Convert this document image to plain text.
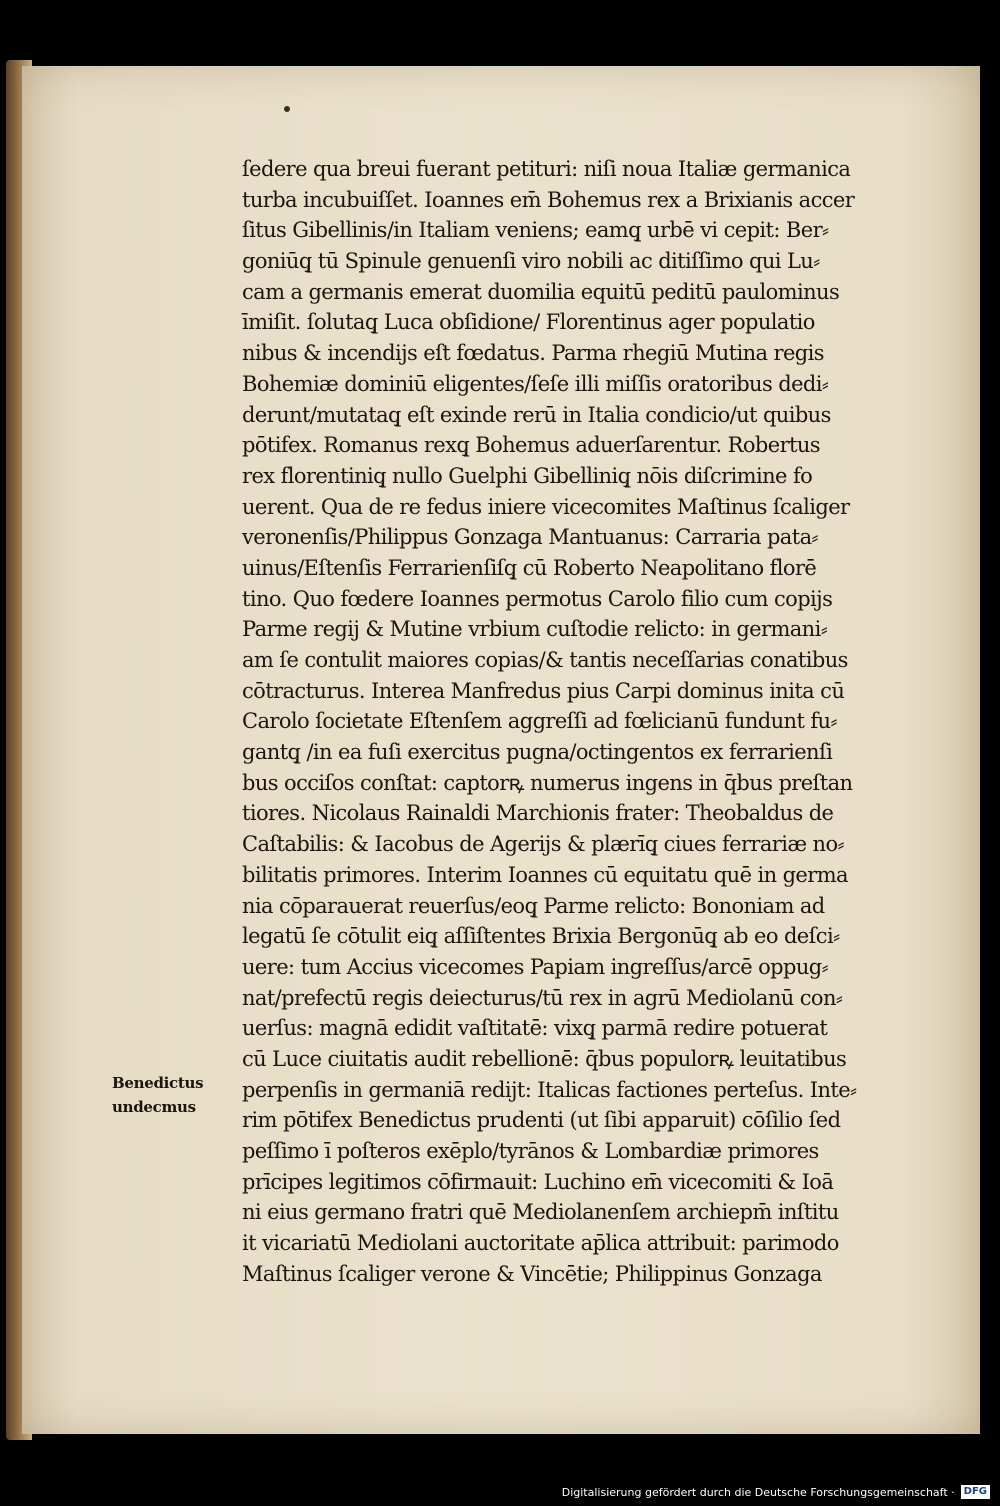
ſedere qua breui fuerant petituri: niſi noua Italiæ germanica
turba incubuiſſet. Ioannes em̄ Bohemus rex a Brixianis accer
ſitus Gibellinis/in Italiam veniens; eamq̧ urbē vi cepit: Ber⸗
goniūq̧ tū Spinule genuenſi viro nobili ac ditiſſimo qui Lu⸗
cam a germanis emerat duomilia equitū peditū paulominus
īmiſit. ſolutaq̧ Luca obſidione/ Florentinus ager populatio
nibus & incendijs eſt fœdatus. Parma rhegiū Mutina regis
Bohemiæ dominiū eligentes/ſeſe illi miſſis oratoribus dedi⸗
derunt/mutataq̧ eſt exinde rerū in Italia condicio/ut quibus
pōtifex. Romanus rexq̧ Bohemus aduerſarentur. Robertus
rex florentiniq̧ nullo Guelphi Gibelliniq̧ nōis diſcrimine fo
uerent. Qua de re fedus iniere vicecomites Maſtinus ſcaliger
veronenſis/Philippus Gonzaga Mantuanus: Carraria pata⸗
uinus/Eſtenſis Ferrarienſiſq̧ cū Roberto Neapolitano florē
tino. Quo fœdere Ioannes permotus Carolo filio cum copijs
Parme regij & Mutine vrbium cuſtodie relicto: in germani⸗
am ſe contulit maiores copias/& tantis neceſſarias conatibus
cōtracturus. Interea Manfredus pius Carpi dominus inita cū
Carolo ſocietate Eſtenſem aggreſſi ad fœlicianū fundunt fu⸗
gantq̧ /in ea fuſi exercitus pugna/octingentos ex ferrarienſi
bus occiſos conſtat: captorꝶ numerus ingens in q̄bus preſtan
tiores. Nicolaus Rainaldi Marchionis frater: Theobaldus de
Caſtabilis: & Iacobus de Agerijs & plærīq̧ ciues ferrariæ no⸗
bilitatis primores. Interim Ioannes cū equitatu quē in germa
nia cōparauerat reuerſus/eoq̧ Parme relicto: Bononiam ad
legatū ſe cōtulit eiq̧ aſſiſtentes Brixia Bergonūq̧ ab eo deſci⸗
uere: tum Accius vicecomes Papiam ingreſſus/arcē oppug⸗
nat/prefectū regis deiecturus/tū rex in agrū Mediolanū con⸗
uerſus: magnā edidit vaſtitatē: vixq̧ parmā redire potuerat
cū Luce ciuitatis audit rebellionē: q̄bus populorꝶ leuitatibus
perpenſis in germaniā redijt: Italicas factiones perteſus. Inte⸗
rim pōtifex Benedictus prudenti (ut ſibi apparuit) cōſilio ſed
peſſimo ī poſteros exēplo/tyrānos & Lombardiæ primores
prīcipes legitimos cōfirmauit: Luchino em̄ vicecomiti & Ioā
ni eius germano fratri quē Mediolanenſem archiepm̄ inſtitu
it vicariatū Mediolani auctoritate ap̄lica attribuit: parimodo
Maſtinus ſcaliger verone & Vincētie; Philippinus Gonzaga
Benedictus
undecmus
Digitalisierung gefördert durch die Deutsche Forschungsgemeinschaft · DFG
